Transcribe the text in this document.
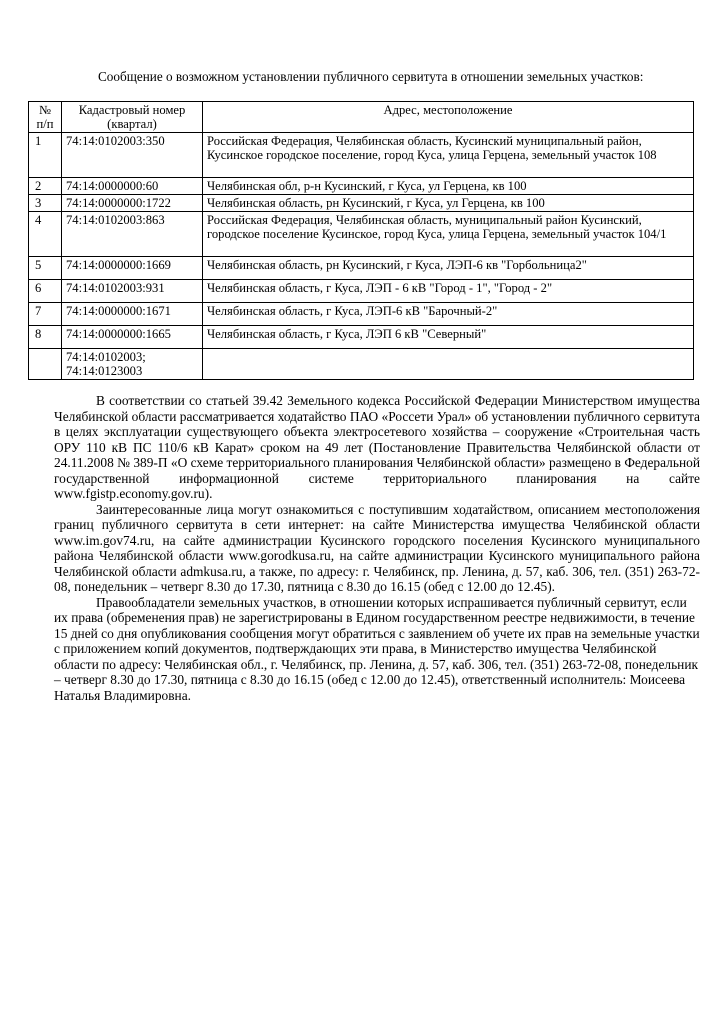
Сообщение о возможном установлении публичного сервитута в отношении земельных участков:
№ п/п	Кадастровый номер (квартал)	Адрес, местоположение
1	74:14:0102003:350	Российская Федерация, Челябинская область, Кусинский муниципальный район, Кусинское городское поселение, город Куса, улица Герцена, земельный участок 108
2	74:14:0000000:60	Челябинская обл, р-н Кусинский, г Куса, ул Герцена, кв 100
3	74:14:0000000:1722	Челябинская область, рн Кусинский, г Куса, ул Герцена, кв 100
4	74:14:0102003:863	Российская Федерация, Челябинская область, муниципальный район Кусинский, городское поселение Кусинское, город Куса, улица Герцена, земельный участок 104/1
5	74:14:0000000:1669	Челябинская область, рн Кусинский, г Куса, ЛЭП-6 кв "Горбольница2"
6	74:14:0102003:931	Челябинская область, г Куса, ЛЭП - 6 кВ "Город - 1", "Город - 2"
7	74:14:0000000:1671	Челябинская область, г Куса, ЛЭП-6 кВ "Барочный-2"
8	74:14:0000000:1665	Челябинская область, г Куса, ЛЭП 6 кВ "Северный"
	74:14:0102003; 74:14:0123003	

В соответствии со статьей 39.42 Земельного кодекса Российской Федерации Министерством имущества Челябинской области рассматривается ходатайство ПАО «Россети Урал» об установлении публичного сервитута в целях эксплуатации существующего объекта электросетевого хозяйства – сооружение «Строительная часть ОРУ 110 кВ ПС 110/6 кВ Карат» сроком на 49 лет (Постановление Правительства Челябинской области от 24.11.2008 № 389-П «О схеме территориального планирования Челябинской области» размещено в Федеральной государственной информационной системе территориального планирования на сайте www.fgistp.economy.gov.ru).

Заинтересованные лица могут ознакомиться с поступившим ходатайством, описанием местоположения границ публичного сервитута в сети интернет: на сайте Министерства имущества Челябинской области www.im.gov74.ru, на сайте администрации Кусинского городского поселения Кусинского муниципального района Челябинской области www.gorodkusa.ru, на сайте администрации Кусинского муниципального района Челябинской области admkusa.ru, а также, по адресу: г. Челябинск, пр. Ленина, д. 57, каб. 306, тел. (351) 263-72-08, понедельник – четверг 8.30 до 17.30, пятница с 8.30 до 16.15 (обед с 12.00 до 12.45).

Правообладатели земельных участков, в отношении которых испрашивается публичный сервитут, если их права (обременения прав) не зарегистрированы в Едином государственном реестре недвижимости, в течение 15 дней со дня опубликования сообщения могут обратиться с заявлением об учете их прав на земельные участки с приложением копий документов, подтверждающих эти права, в Министерство имущества Челябинской области по адресу: Челябинская обл., г. Челябинск, пр. Ленина, д. 57, каб. 306, тел. (351) 263-72-08, понедельник – четверг 8.30 до 17.30, пятница с 8.30 до 16.15 (обед с 12.00 до 12.45), ответственный исполнитель: Моисеева Наталья Владимировна.
